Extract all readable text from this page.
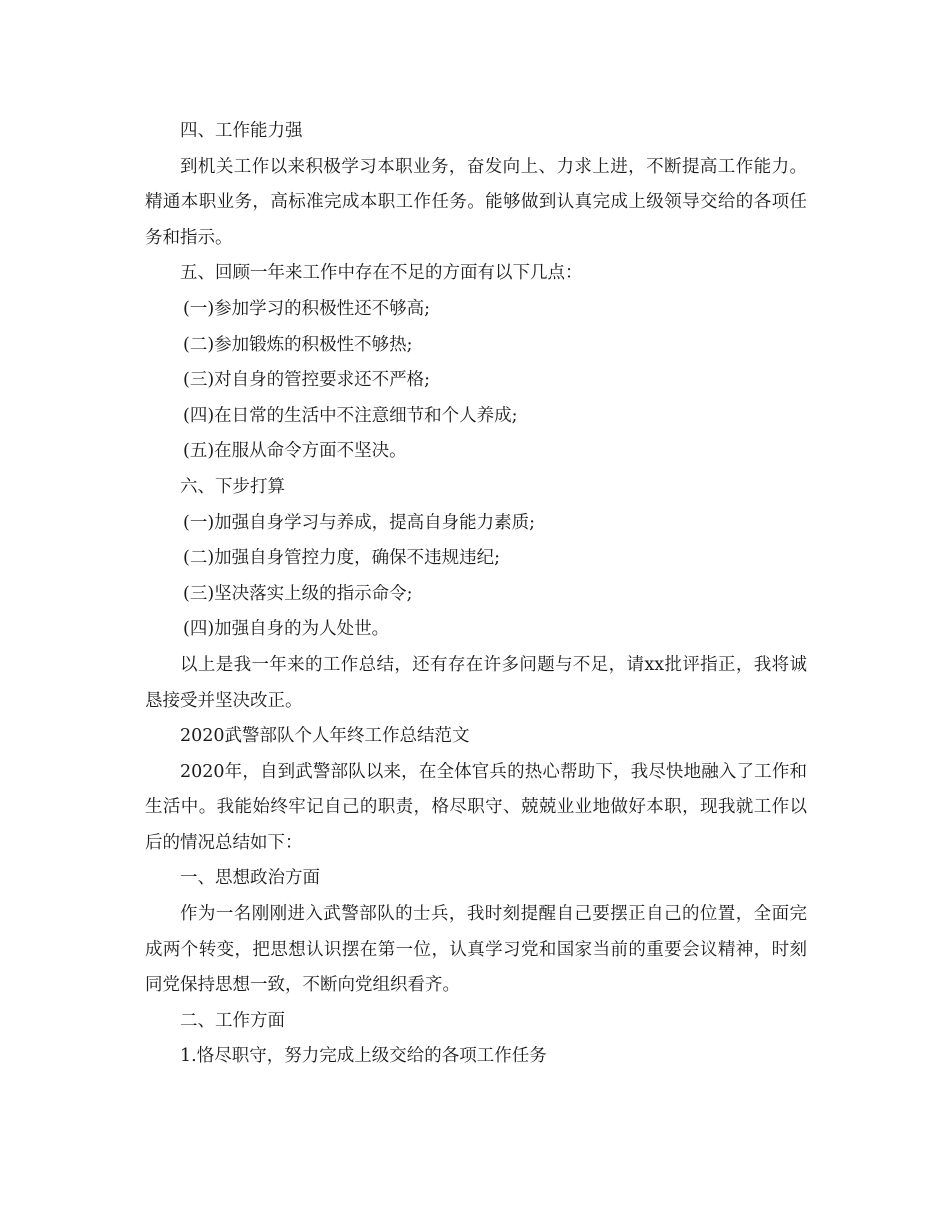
四、工作能力强

到机关工作以来积极学习本职业务，奋发向上、力求上进，不断提高工作能力。精通本职业务，高标准完成本职工作任务。能够做到认真完成上级领导交给的各项任务和指示。

五、回顾一年来工作中存在不足的方面有以下几点：

(一)参加学习的积极性还不够高;

(二)参加锻炼的积极性不够热;

(三)对自身的管控要求还不严格;

(四)在日常的生活中不注意细节和个人养成;

(五)在服从命令方面不坚决。

六、下步打算

(一)加强自身学习与养成，提高自身能力素质;

(二)加强自身管控力度，确保不违规违纪;

(三)坚决落实上级的指示命令;

(四)加强自身的为人处世。

以上是我一年来的工作总结，还有存在许多问题与不足，请xx批评指正，我将诚恳接受并坚决改正。

2020武警部队个人年终工作总结范文

2020年，自到武警部队以来，在全体官兵的热心帮助下，我尽快地融入了工作和生活中。我能始终牢记自己的职责，格尽职守、兢兢业业地做好本职，现我就工作以后的情况总结如下：

一、思想政治方面

作为一名刚刚进入武警部队的士兵，我时刻提醒自己要摆正自己的位置，全面完成两个转变，把思想认识摆在第一位，认真学习党和国家当前的重要会议精神，时刻同党保持思想一致，不断向党组织看齐。

二、工作方面

1.恪尽职守，努力完成上级交给的各项工作任务
